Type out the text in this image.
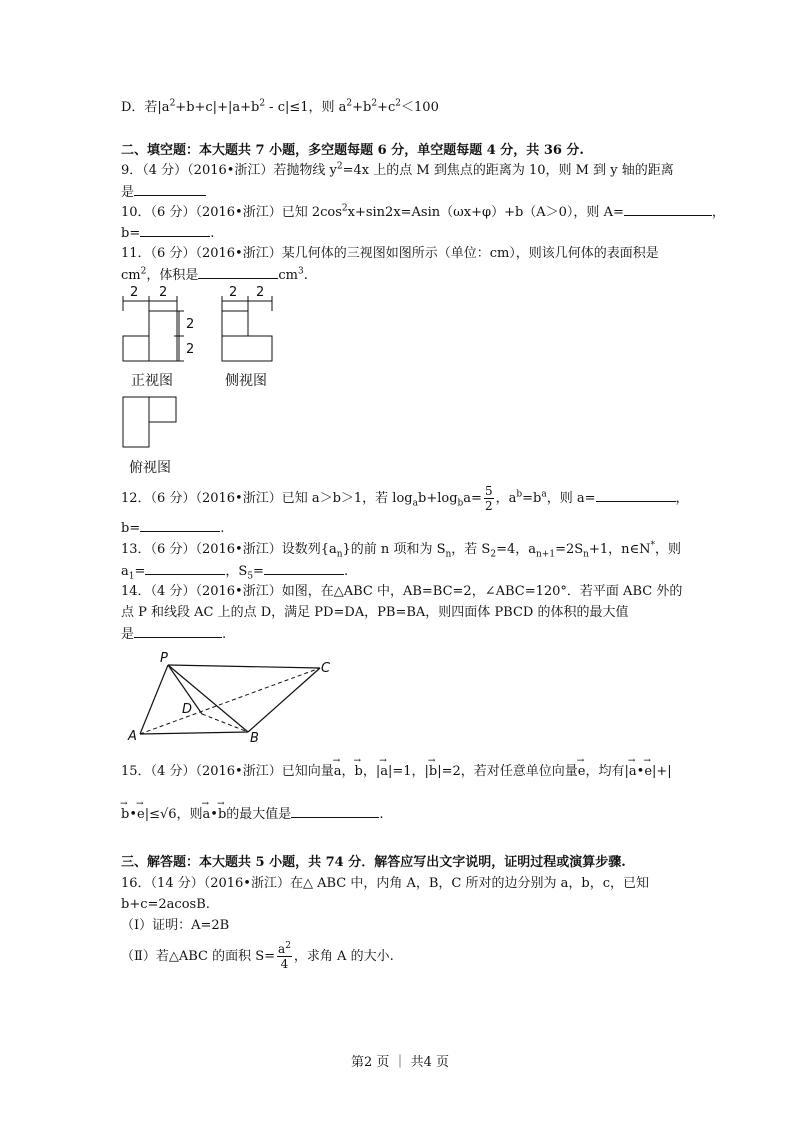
D．若$|a^2+b+c|+|a+b^2 - c|\le 1$，则 $a^2+b^2+c^2<100$
二、填空题：本大题共 7 小题，多空题每题 6 分，单空题每题 4 分，共 36 分.
9．（4 分）（2016•浙江）若抛物线 $y^2=4x$ 上的点 M 到焦点的距离为 10，则 M 到 y 轴的距离
是
10．（6 分）（2016•浙江）已知 $2\cos^2x+\sin 2x=Asin(\omega x+\varphi)+b(A>0)$，则 A=	，
b=	.
11．（6 分）（2016•浙江）某几何体的三视图如图所示（单位：cm），则该几何体的表面积是
$cm^2$，体积是	$cm^3$.
2 2
2
2
2 2
正视图	侧视图
俯视图
12．（6 分）（2016•浙江）已知 a＞b＞1，若 $\log_ab+\log_ba= \frac{5}{2}$ ，$a^b=b^a$，则 a=	，
b=	.
13．（6 分）（2016•浙江）设数列$\{a_n\}$的前 n 项和为 $S_n$，若 $S_2=4$，$a_{n+1}=2S_n+1$，n∈N*，则
$a_1=$	，$S_5=$	.
14．（4 分）（2016•浙江）如图，在△ABC 中，AB=BC=2，∠ABC=120°．若平面 ABC 外的
点 P 和线段 AC 上的点 D，满足 PD=DA，PB=BA，则四面体 PBCD 的体积的最大值
是	.
P
C
D
A	B
15．（4 分）（2016•浙江）已知向量→ a，→ b，|→ a|=1，|→ b|=2，若对任意单位向量→ e，均有|→ a•→ e|+|
→ b•→ e|≤√6，则→ a•→ b的最大值是	.
三、解答题：本大题共 5 小题，共 74 分．解答应写出文字说明，证明过程或演算步骤.
16．（14 分）（2016•浙江）在△ ABC 中，内角 A，B，C 所对的边分别为 a，b，c，已知
b+c=2acosB.
（Ⅰ）证明：A=2B
（Ⅱ）若△ABC 的面积 $S= \frac{a^2}{4}$ ，求角 A 的大小.
第2 页 ｜ 共4 页
